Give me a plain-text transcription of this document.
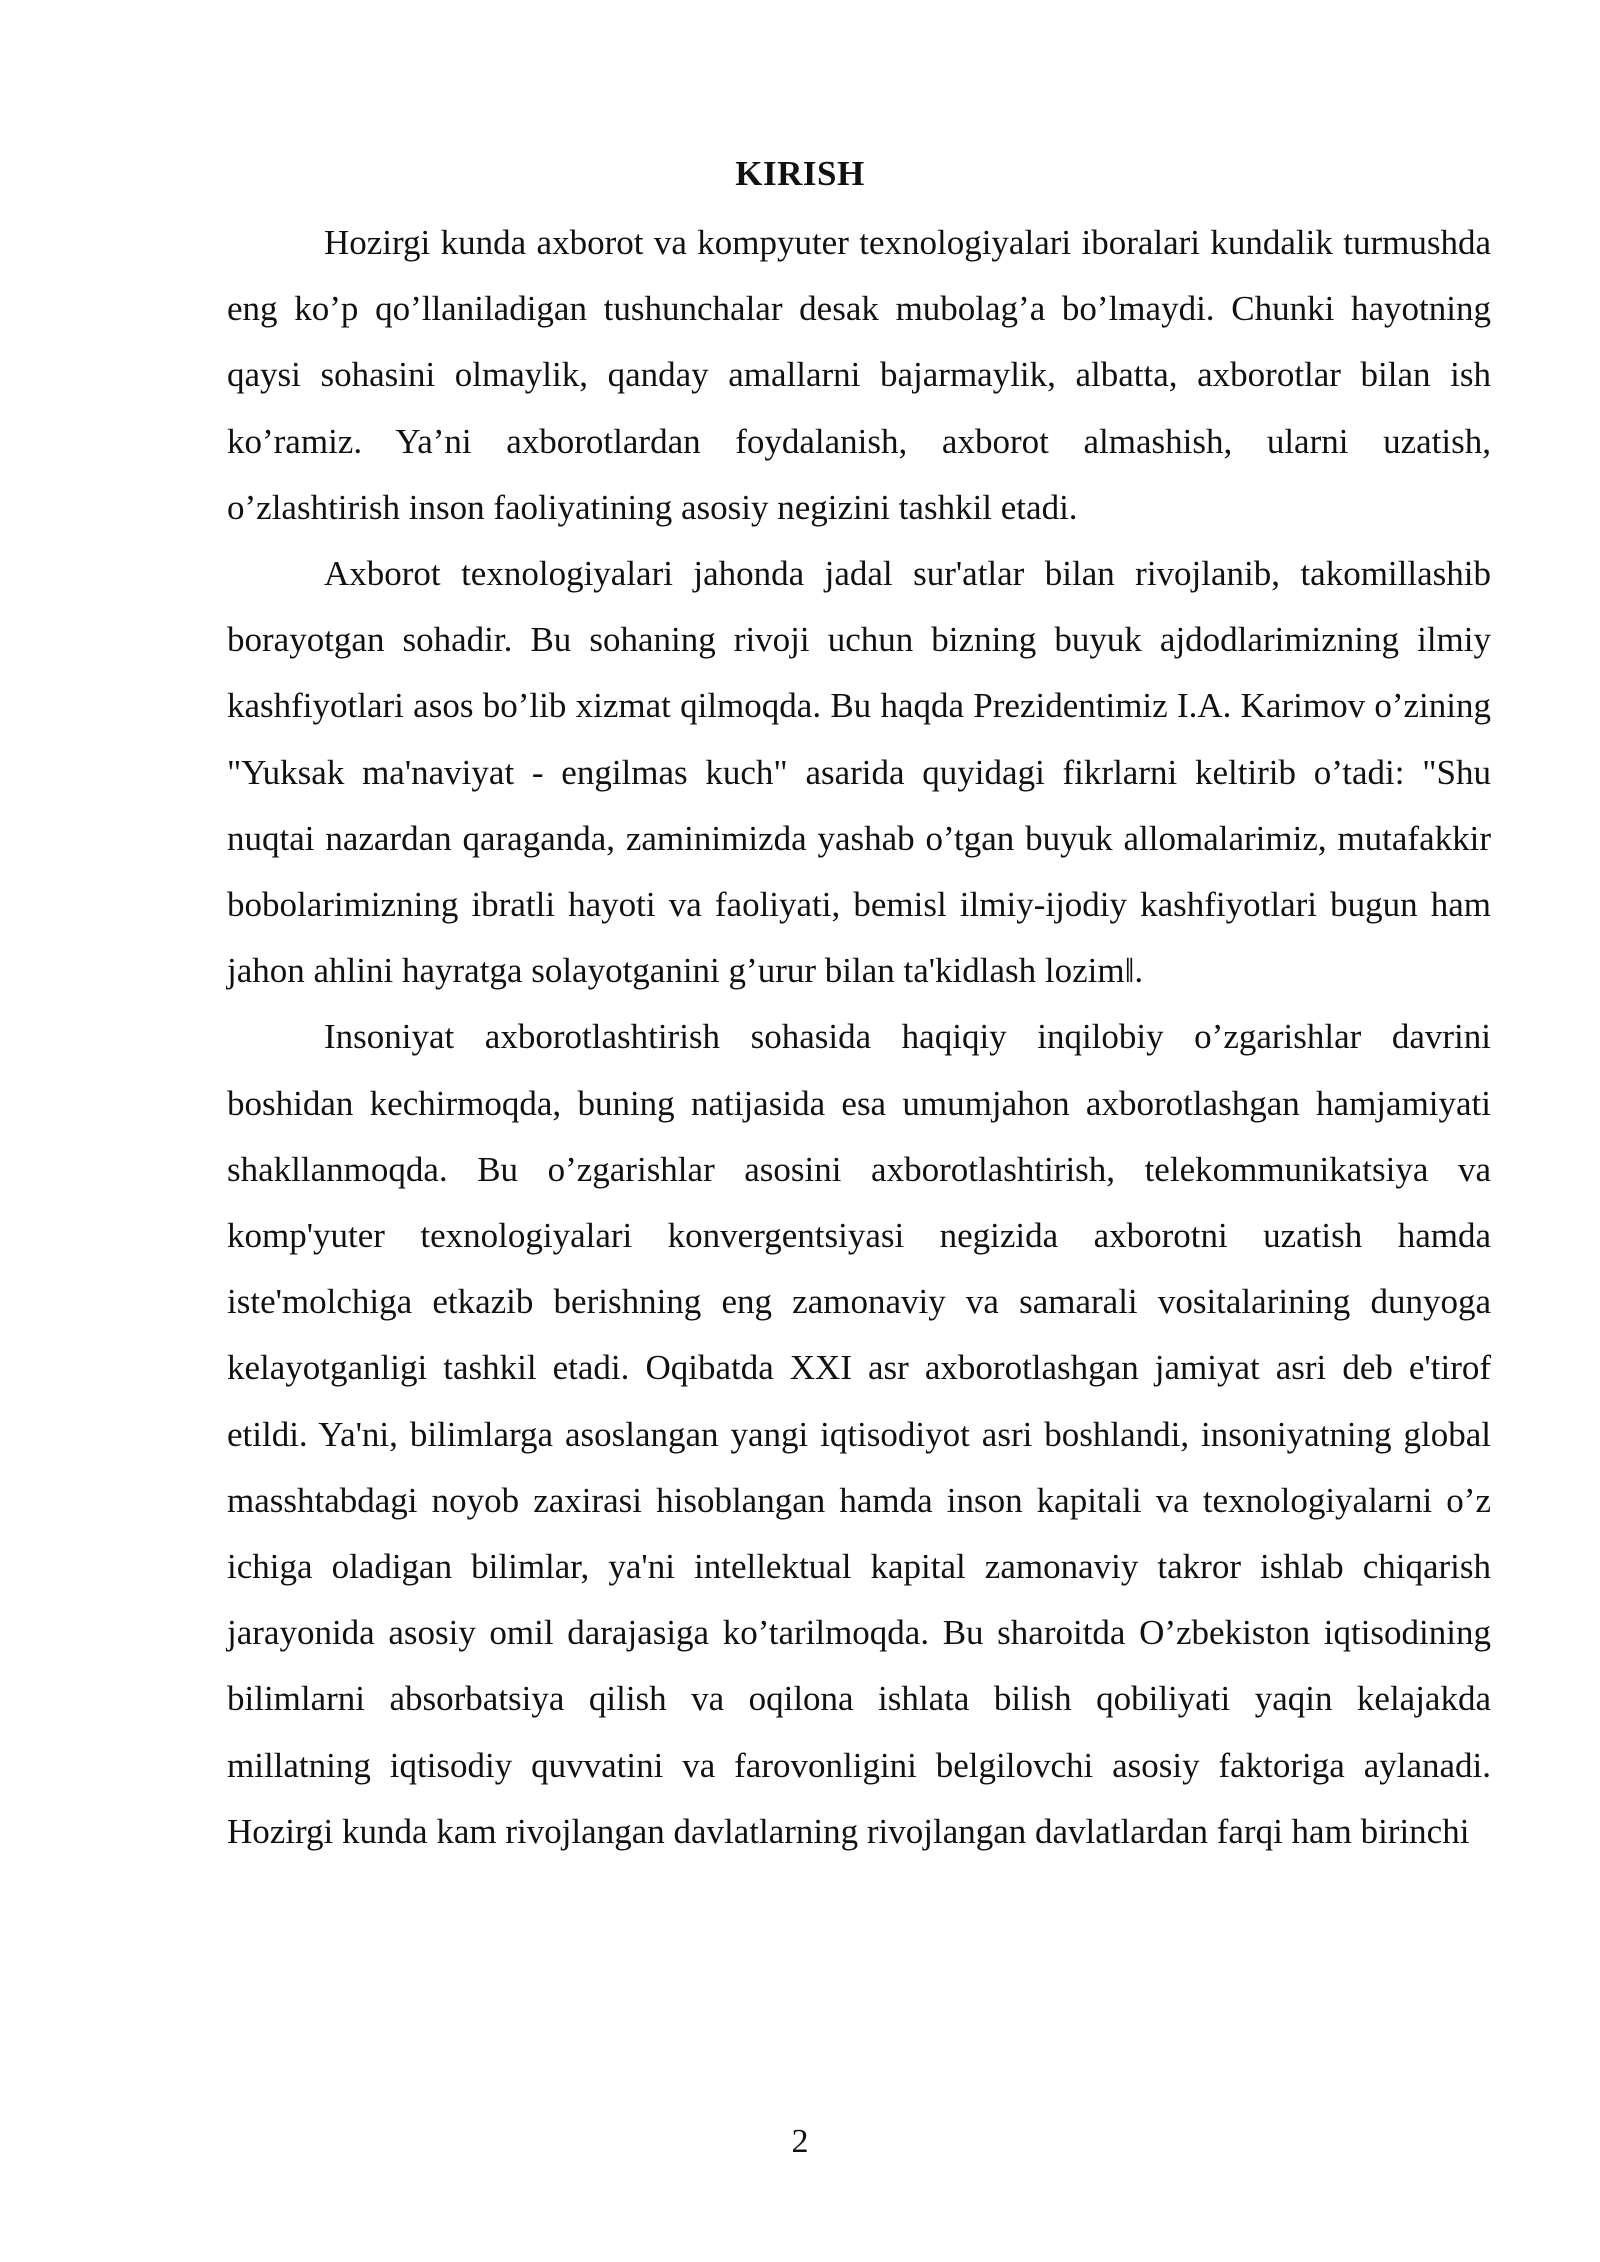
KIRISH

Hozirgi kunda axborot va kompyuter texnologiyalari iboralari kundalik turmushda eng ko’p qo’llaniladigan tushunchalar desak mubolag’a bo’lmaydi. Chunki hayotning qaysi sohasini olmaylik, qanday amallarni bajarmaylik, albatta, axborotlar bilan ish ko’ramiz. Ya’ni axborotlardan foydalanish, axborot almashish, ularni uzatish, o’zlashtirish inson faoliyatining asosiy negizini tashkil etadi.

Axborot texnologiyalari jahonda jadal sur'atlar bilan rivojlanib, takomillashib borayotgan sohadir. Bu sohaning rivoji uchun bizning buyuk ajdodlarimizning ilmiy kashfiyotlari asos bo’lib xizmat qilmoqda. Bu haqda Prezidentimiz I.A. Karimov o’zining "Yuksak ma'naviyat - engilmas kuch" asarida quyidagi fikrlarni keltirib o’tadi: "Shu nuqtai nazardan qaraganda, zaminimizda yashab o’tgan buyuk allomalarimiz, mutafakkir bobolarimizning ibratli hayoti va faoliyati, bemisl ilmiy-ijodiy kashfiyotlari bugun ham jahon ahlini hayratga solayotganini g’urur bilan ta'kidlash lozim‖.

Insoniyat axborotlashtirish sohasida haqiqiy inqilobiy o’zgarishlar davrini boshidan kechirmoqda, buning natijasida esa umumjahon axborotlashgan hamjamiyati shakllanmoqda. Bu o’zgarishlar asosini axborotlashtirish, telekommunikatsiya va komp'yuter texnologiyalari konvergentsiyasi negizida axborotni uzatish hamda iste'molchiga etkazib berishning eng zamonaviy va samarali vositalarining dunyoga kelayotganligi tashkil etadi. Oqibatda XXI asr axborotlashgan jamiyat asri deb e'tirof etildi. Ya'ni, bilimlarga asoslangan yangi iqtisodiyot asri boshlandi, insoniyatning global masshtabdagi noyob zaxirasi hisoblangan hamda inson kapitali va texnologiyalarni o’z ichiga oladigan bilimlar, ya'ni intellektual kapital zamonaviy takror ishlab chiqarish jarayonida asosiy omil darajasiga ko’tarilmoqda. Bu sharoitda O’zbekiston iqtisodining bilimlarni absorbatsiya qilish va oqilona ishlata bilish qobiliyati yaqin kelajakda millatning iqtisodiy quvvatini va farovonligini belgilovchi asosiy faktoriga aylanadi. Hozirgi kunda kam rivojlangan davlatlarning rivojlangan davlatlardan farqi ham birinchi

2
